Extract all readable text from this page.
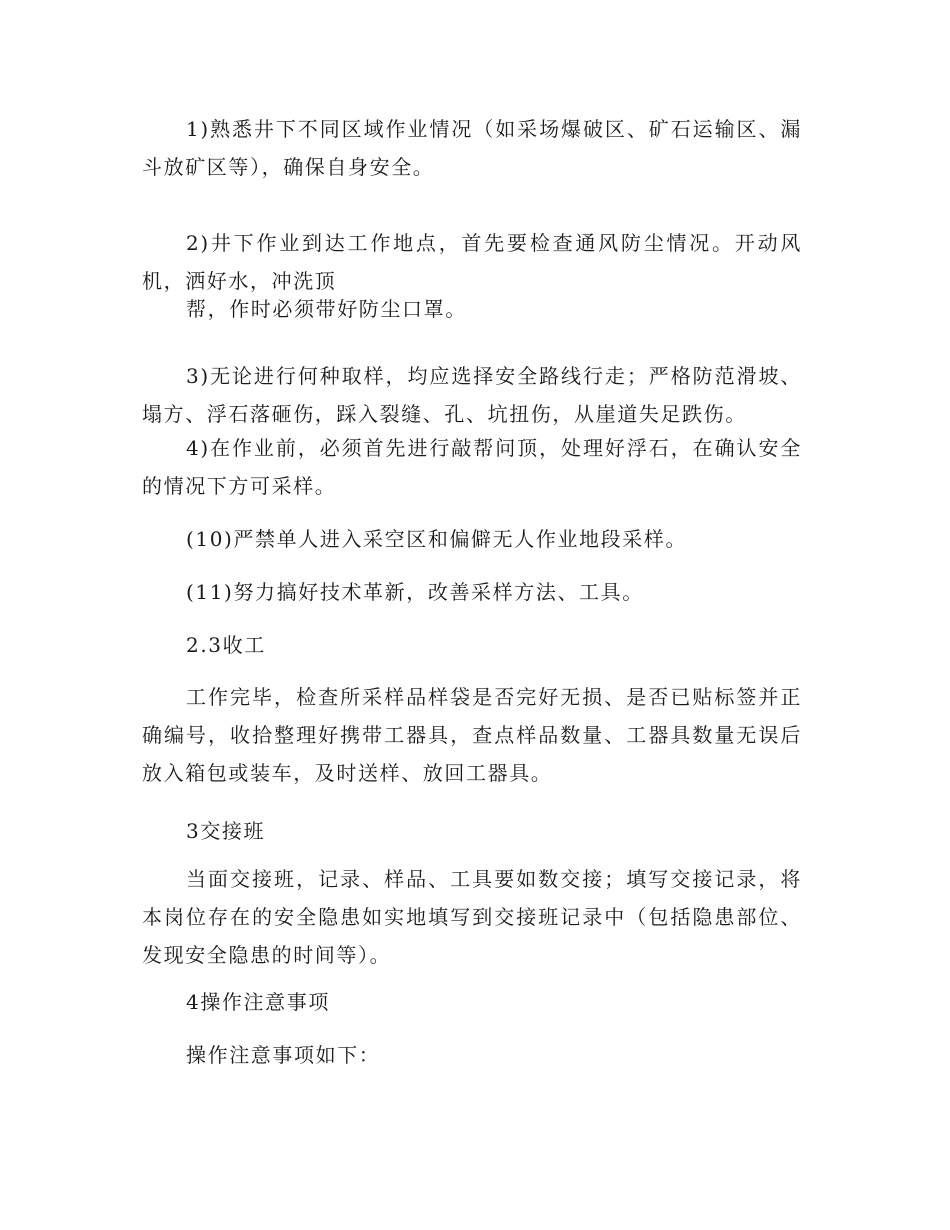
1)熟悉井下不同区域作业情况（如采场爆破区、矿石运输区、漏斗放矿区等），确保自身安全。

2)井下作业到达工作地点，首先要检查通风防尘情况。开动风机，洒好水，冲洗顶

帮，作时必须带好防尘口罩。

3)无论进行何种取样，均应选择安全路线行走；严格防范滑坡、塌方、浮石落砸伤，踩入裂缝、孔、坑扭伤，从崖道失足跌伤。

4)在作业前，必须首先进行敲帮问顶，处理好浮石，在确认安全的情况下方可采样。

(10)严禁单人进入采空区和偏僻无人作业地段采样。

(11)努力搞好技术革新，改善采样方法、工具。

2.3收工

工作完毕，检查所采样品样袋是否完好无损、是否已贴标签并正确编号，收拾整理好携带工器具，查点样品数量、工器具数量无误后放入箱包或装车，及时送样、放回工器具。

3交接班

当面交接班，记录、样品、工具要如数交接；填写交接记录，将本岗位存在的安全隐患如实地填写到交接班记录中（包括隐患部位、发现安全隐患的时间等）。

4操作注意事项

操作注意事项如下：
